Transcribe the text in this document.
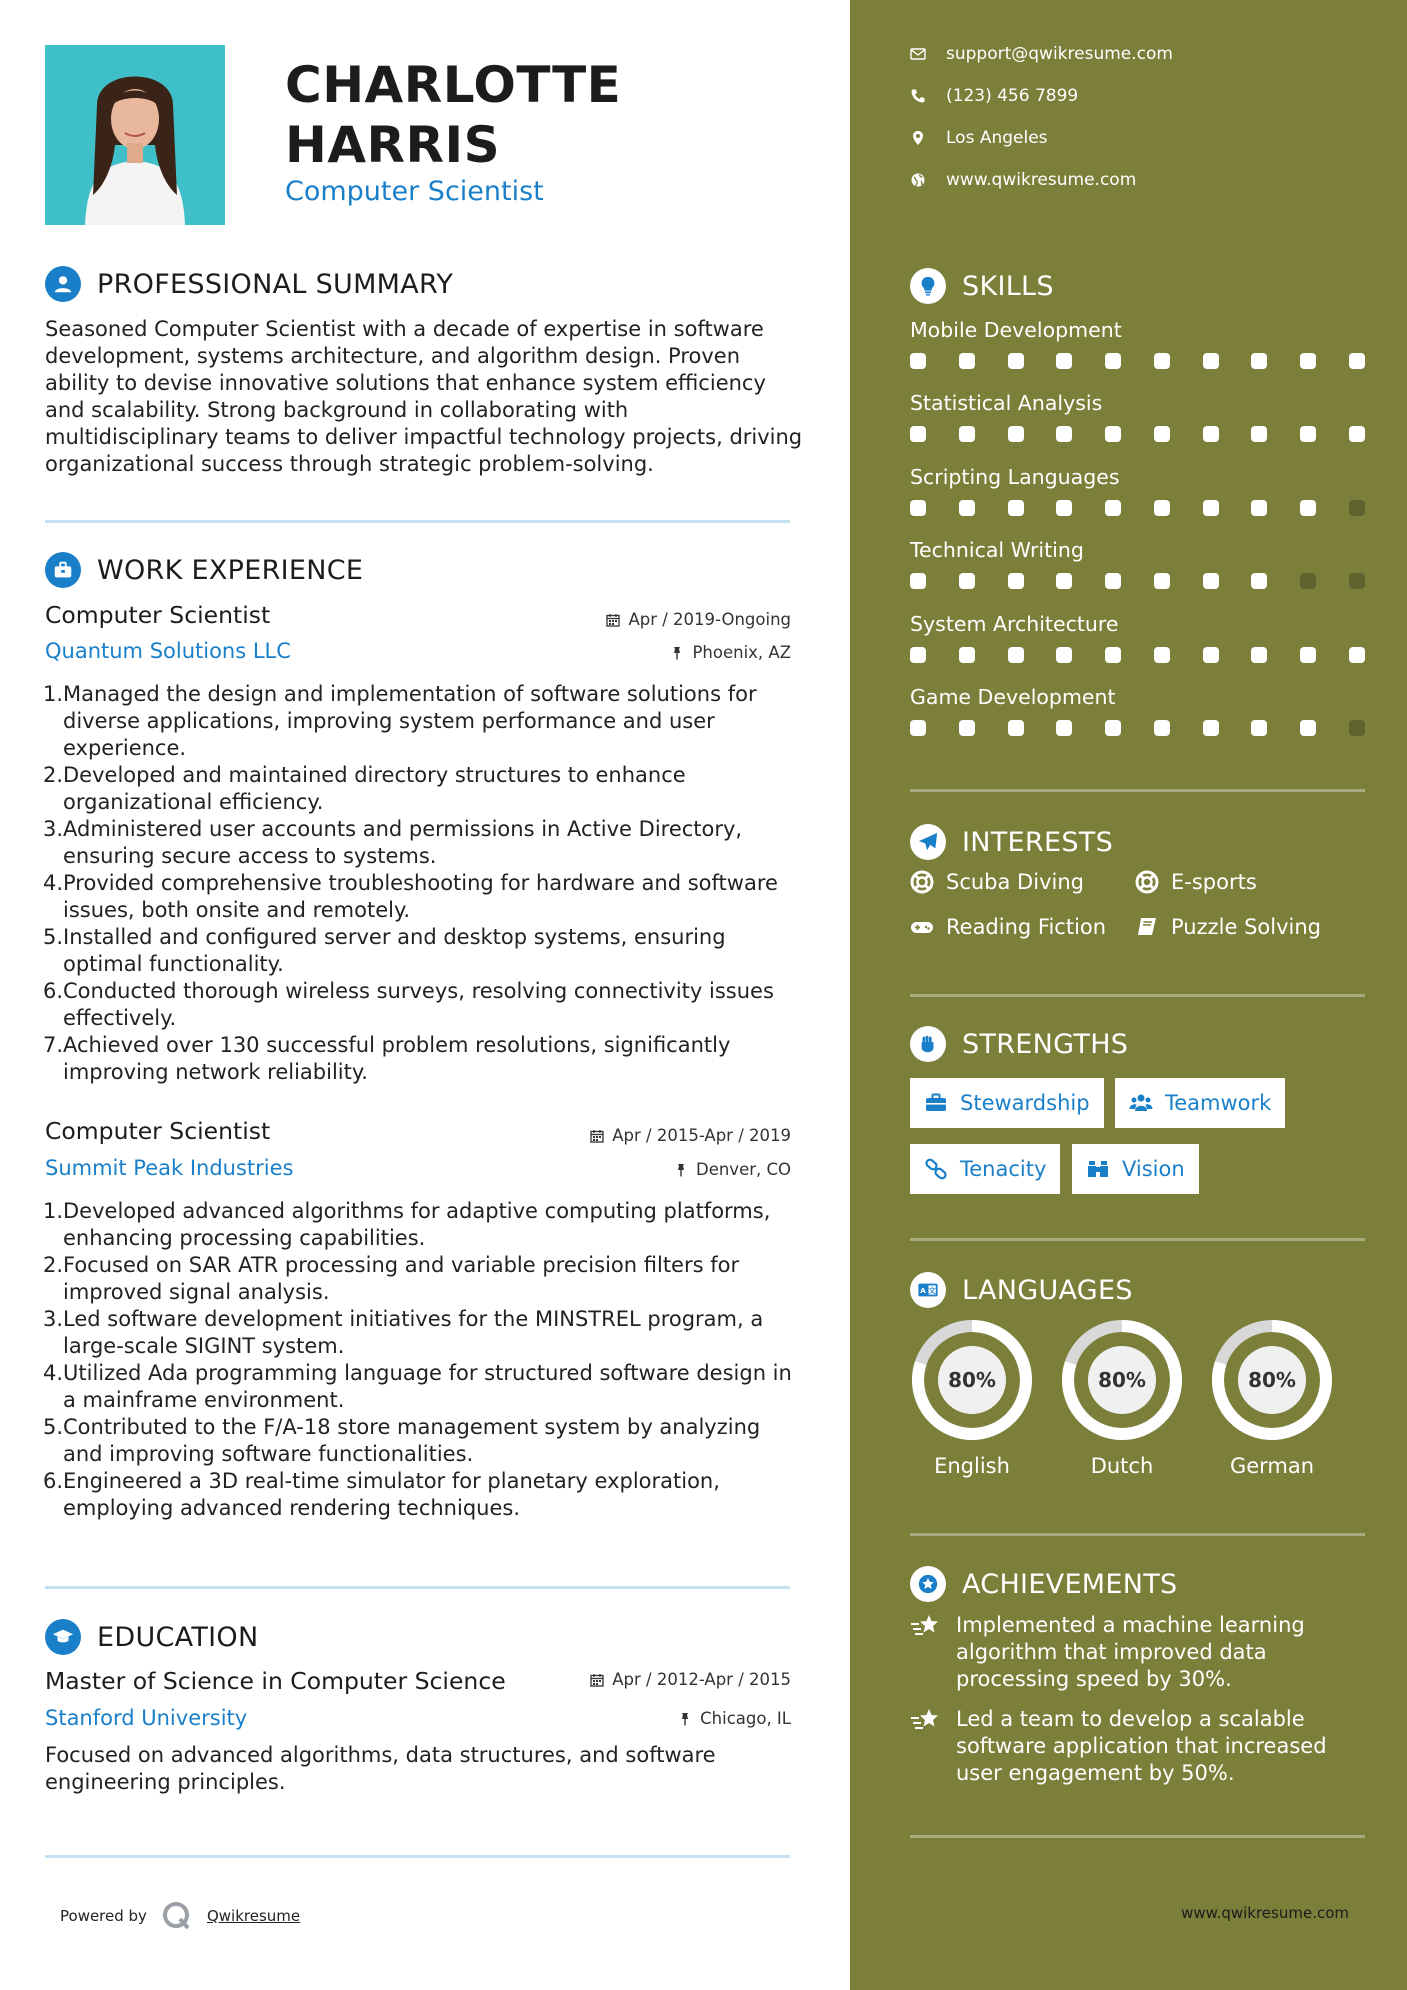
CHARLOTTE
HARRIS
Computer Scientist
PROFESSIONAL SUMMARY
Seasoned Computer Scientist with a decade of expertise in software development, systems architecture, and algorithm design. Proven ability to devise innovative solutions that enhance system efficiency and scalability. Strong background in collaborating with multidisciplinary teams to deliver impactful technology projects, driving organizational success through strategic problem-solving.
WORK EXPERIENCE
Computer Scientist	Apr / 2019-Ongoing
Quantum Solutions LLC	Phoenix, AZ
1. Managed the design and implementation of software solutions for diverse applications, improving system performance and user experience.
2. Developed and maintained directory structures to enhance organizational efficiency.
3. Administered user accounts and permissions in Active Directory, ensuring secure access to systems.
4. Provided comprehensive troubleshooting for hardware and software issues, both onsite and remotely.
5. Installed and configured server and desktop systems, ensuring optimal functionality.
6. Conducted thorough wireless surveys, resolving connectivity issues effectively.
7. Achieved over 130 successful problem resolutions, significantly improving network reliability.
Computer Scientist	Apr / 2015-Apr / 2019
Summit Peak Industries	Denver, CO
1. Developed advanced algorithms for adaptive computing platforms, enhancing processing capabilities.
2. Focused on SAR ATR processing and variable precision filters for improved signal analysis.
3. Led software development initiatives for the MINSTREL program, a large-scale SIGINT system.
4. Utilized Ada programming language for structured software design in a mainframe environment.
5. Contributed to the F/A-18 store management system by analyzing and improving software functionalities.
6. Engineered a 3D real-time simulator for planetary exploration, employing advanced rendering techniques.
EDUCATION
Master of Science in Computer Science	Apr / 2012-Apr / 2015
Stanford University	Chicago, IL
Focused on advanced algorithms, data structures, and software engineering principles.
Powered by	Qwikresume
support@qwikresume.com
(123) 456 7899
Los Angeles
www.qwikresume.com
SKILLS
Mobile Development
Statistical Analysis
Scripting Languages
Technical Writing
System Architecture
Game Development
INTERESTS
Scuba Diving	E-sports
Reading Fiction	Puzzle Solving
STRENGTHS
Stewardship	Teamwork
Tenacity	Vision
A 文 LANGUAGES
80%
English
80%
Dutch
80%
German
ACHIEVEMENTS
Implemented a machine learning algorithm that improved data processing speed by 30%.
Led a team to develop a scalable software application that increased user engagement by 50%.
www.qwikresume.com
